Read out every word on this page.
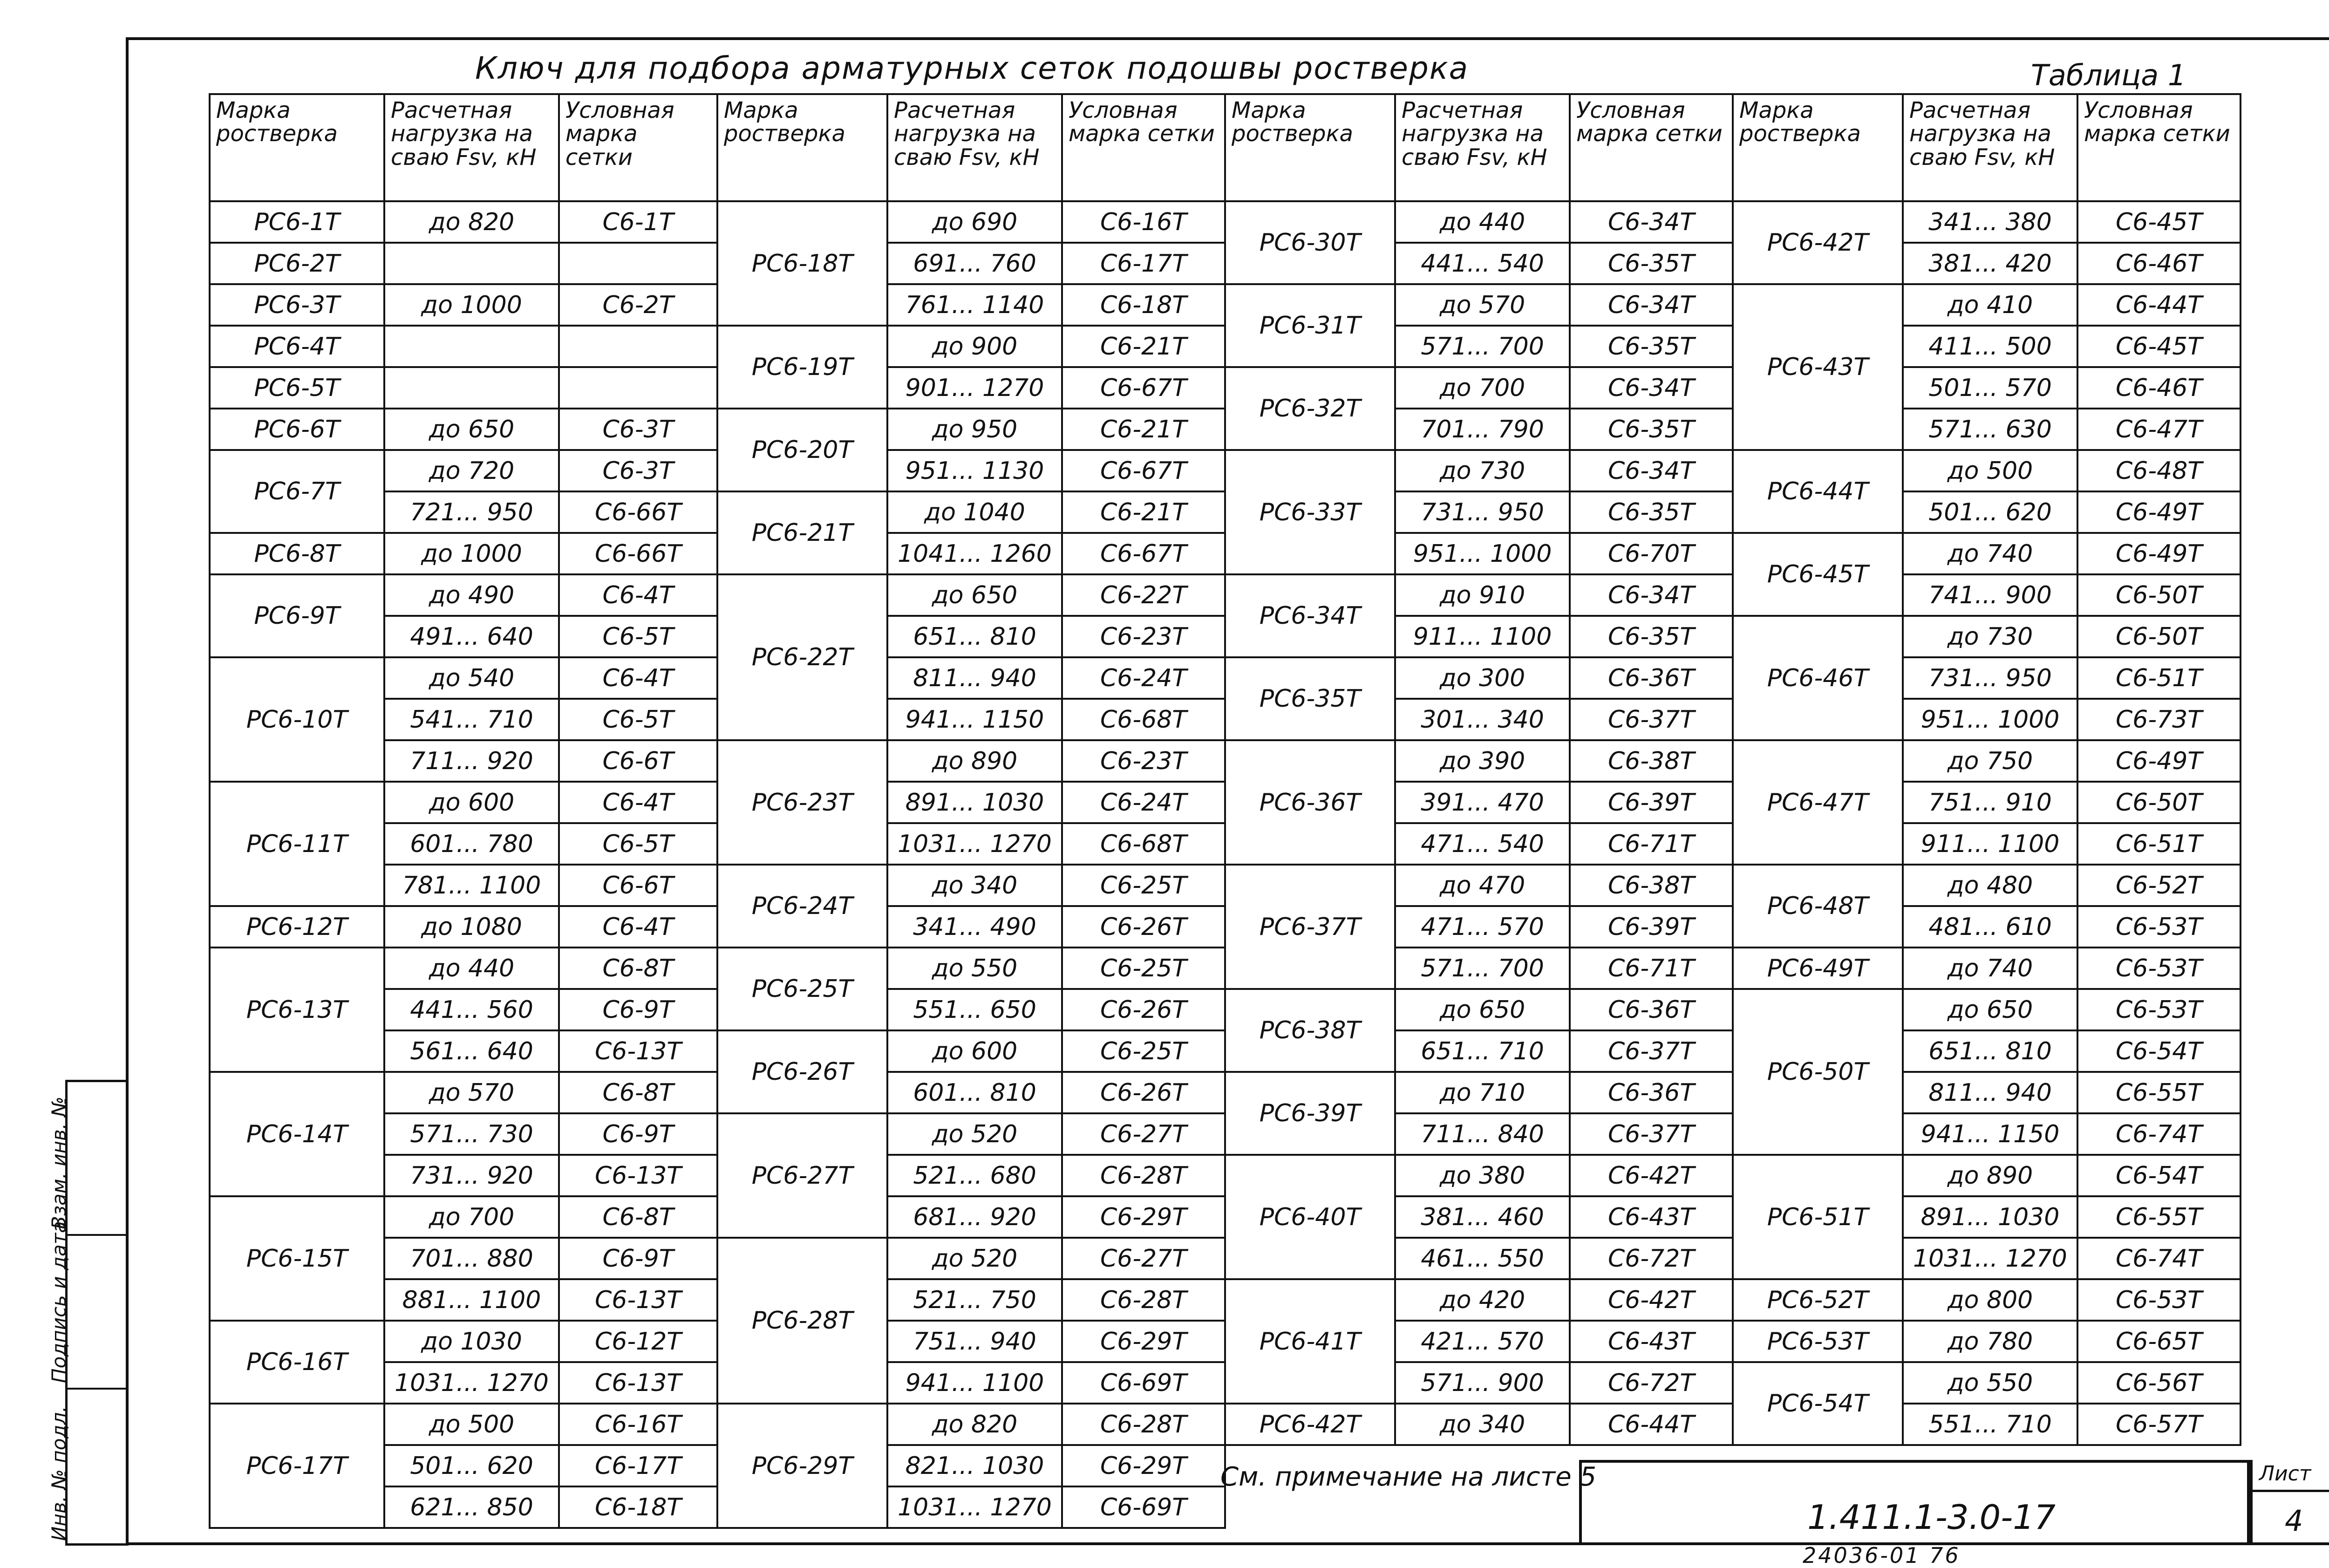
Взам. инв. №
Подпись и дата
Инв. № подл.
Ключ для подбора арматурных сеток подошвы ростверка	Таблица 1
Марка ростверка	Расчетная нагрузка на сваю Fsv, кН	Условная марка сетки
РС6-1Т	до 820	С6-1Т
РС6-2Т		
РС6-3Т	до 1000	С6-2Т
РС6-4Т		
РС6-5Т		
РС6-6Т	до 650	С6-3Т
РС6-7Т	до 720	С6-3Т
	721... 950	С6-66Т
РС6-8Т	до 1000	С6-66Т
РС6-9Т	до 490	С6-4Т
	491... 640	С6-5Т
РС6-10Т	до 540	С6-4Т
	541... 710	С6-5Т
	711... 920	С6-6Т
РС6-11Т	до 600	С6-4Т
	601... 780	С6-5Т
	781... 1100	С6-6Т
РС6-12Т	до 1080	С6-4Т
РС6-13Т	до 440	С6-8Т
	441... 560	С6-9Т
	561... 640	С6-13Т
РС6-14Т	до 570	С6-8Т
	571... 730	С6-9Т
	731... 920	С6-13Т
РС6-15Т	до 700	С6-8Т
	701... 880	С6-9Т
	881... 1100	С6-13Т
РС6-16Т	до 1030	С6-12Т
	1031... 1270	С6-13Т
РС6-17Т	до 500	С6-16Т
	501... 620	С6-17Т
	621... 850	С6-18Т
Марка ростверка	Расчетная нагрузка на сваю Fsv, кН	Условная марка сетки
РС6-18Т	до 690	С6-16Т
	691... 760	С6-17Т
	761... 1140	С6-18Т
РС6-19Т	до 900	С6-21Т
	901... 1270	С6-67Т
РС6-20Т	до 950	С6-21Т
	951... 1130	С6-67Т
РС6-21Т	до 1040	С6-21Т
	1041... 1260	С6-67Т
РС6-22Т	до 650	С6-22Т
	651... 810	С6-23Т
	811... 940	С6-24Т
	941... 1150	С6-68Т
РС6-23Т	до 890	С6-23Т
	891... 1030	С6-24Т
	1031... 1270	С6-68Т
РС6-24Т	до 340	С6-25Т
	341... 490	С6-26Т
РС6-25Т	до 550	С6-25Т
	551... 650	С6-26Т
РС6-26Т	до 600	С6-25Т
	601... 810	С6-26Т
РС6-27Т	до 520	С6-27Т
	521... 680	С6-28Т
	681... 920	С6-29Т
РС6-28Т	до 520	С6-27Т
	521... 750	С6-28Т
	751... 940	С6-29Т
	941... 1100	С6-69Т
РС6-29Т	до 820	С6-28Т
	821... 1030	С6-29Т
	1031... 1270	С6-69Т
Марка ростверка	Расчетная нагрузка на сваю Fsv, кН	Условная марка сетки
РС6-30Т	до 440	С6-34Т
	441... 540	С6-35Т
РС6-31Т	до 570	С6-34Т
	571... 700	С6-35Т
РС6-32Т	до 700	С6-34Т
	701... 790	С6-35Т
РС6-33Т	до 730	С6-34Т
	731... 950	С6-35Т
	951... 1000	С6-70Т
РС6-34Т	до 910	С6-34Т
	911... 1100	С6-35Т
РС6-35Т	до 300	С6-36Т
	301... 340	С6-37Т
РС6-36Т	до 390	С6-38Т
	391... 470	С6-39Т
	471... 540	С6-71Т
РС6-37Т	до 470	С6-38Т
	471... 570	С6-39Т
	571... 700	С6-71Т
РС6-38Т	до 650	С6-36Т
	651... 710	С6-37Т
РС6-39Т	до 710	С6-36Т
	711... 840	С6-37Т
РС6-40Т	до 380	С6-42Т
	381... 460	С6-43Т
	461... 550	С6-72Т
РС6-41Т	до 420	С6-42Т
	421... 570	С6-43Т
	571... 900	С6-72Т
РС6-42Т	до 340	С6-44Т
Марка ростверка	Расчетная нагрузка на сваю Fsv, кН	Условная марка сетки
РС6-42Т	341... 380	С6-45Т
	381... 420	С6-46Т
РС6-43Т	до 410	С6-44Т
	411... 500	С6-45Т
	501... 570	С6-46Т
	571... 630	С6-47Т
РС6-44Т	до 500	С6-48Т
	501... 620	С6-49Т
РС6-45Т	до 740	С6-49Т
	741... 900	С6-50Т
РС6-46Т	до 730	С6-50Т
	731... 950	С6-51Т
	951... 1000	С6-73Т
РС6-47Т	до 750	С6-49Т
	751... 910	С6-50Т
	911... 1100	С6-51Т
РС6-48Т	до 480	С6-52Т
	481... 610	С6-53Т
РС6-49Т	до 740	С6-53Т
РС6-50Т	до 650	С6-53Т
	651... 810	С6-54Т
	811... 940	С6-55Т
	941... 1150	С6-74Т
РС6-51Т	до 890	С6-54Т
	891... 1030	С6-55Т
	1031... 1270	С6-74Т
РС6-52Т	до 800	С6-53Т
РС6-53Т	до 780	С6-65Т
РС6-54Т	до 550	С6-56Т
	551... 710	С6-57Т
См. примечание на листе 5
1.411.1-3.0-17
Лист
4
24036-01 76
